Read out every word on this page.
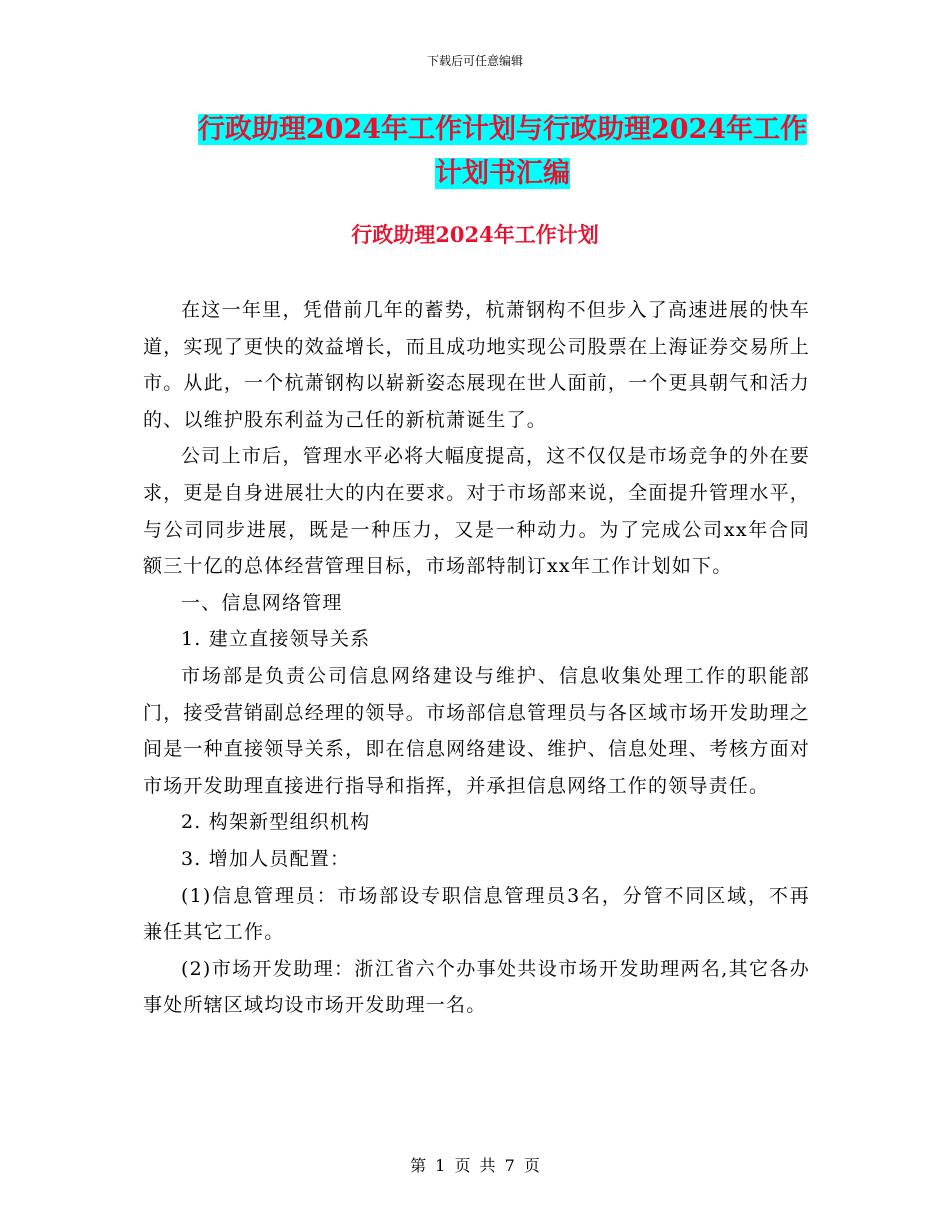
下载后可任意编辑
行政助理2024年工作计划与行政助理2024年工作计划书汇编
行政助理2024年工作计划

在这一年里，凭借前几年的蓄势，杭萧钢构不但步入了高速进展的快车道，实现了更快的效益增长，而且成功地实现公司股票在上海证券交易所上市。从此，一个杭萧钢构以崭新姿态展现在世人面前，一个更具朝气和活力的、以维护股东利益为己任的新杭萧诞生了。

公司上市后，管理水平必将大幅度提高，这不仅仅是市场竞争的外在要求，更是自身进展壮大的内在要求。对于市场部来说，全面提升管理水平，与公司同步进展，既是一种压力，又是一种动力。为了完成公司xx年合同额三十亿的总体经营管理目标，市场部特制订xx年工作计划如下。

一、信息网络管理

1. 建立直接领导关系

市场部是负责公司信息网络建设与维护、信息收集处理工作的职能部门，接受营销副总经理的领导。市场部信息管理员与各区域市场开发助理之间是一种直接领导关系，即在信息网络建设、维护、信息处理、考核方面对市场开发助理直接进行指导和指挥，并承担信息网络工作的领导责任。

2. 构架新型组织机构

3. 增加人员配置：

(1)信息管理员：市场部设专职信息管理员3名，分管不同区域，不再兼任其它工作。

(2)市场开发助理：浙江省六个办事处共设市场开发助理两名,其它各办事处所辖区域均设市场开发助理一名。

第 1 页 共 7 页
